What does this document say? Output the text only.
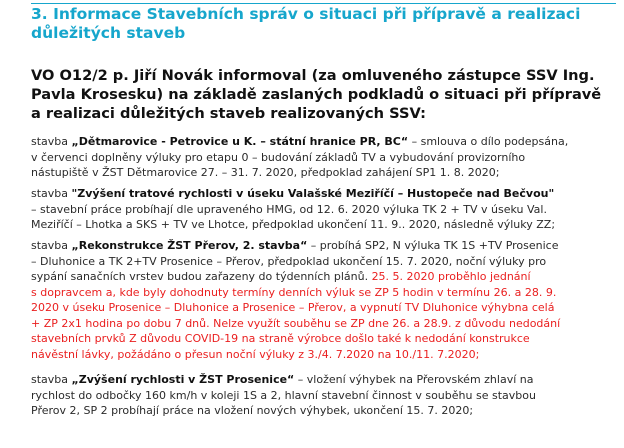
3. Informace Stavebních správ o situaci při přípravě a realizaci
důležitých staveb
VO O12/2 p. Jiří Novák informoval (za omluveného zástupce SSV Ing.
Pavla Krosesku) na základě zaslaných podkladů o situaci při přípravě
a realizaci důležitých staveb realizovaných SSV:
stavba „Dětmarovice - Petrovice u K. – státní hranice PR, BC“ – smlouva o dílo podepsána,
v červenci doplněny výluky pro etapu 0 – budování základů TV a vybudování provizorního
nástupiště v ŽST Dětmarovice 27. – 31. 7. 2020, předpoklad zahájení SP1 1. 8. 2020;
stavba "Zvýšení tratové rychlosti v úseku Valašské Meziříčí – Hustopeče nad Bečvou"
– stavební práce probíhají dle upraveného HMG, od 12. 6. 2020 výluka TK 2 + TV v úseku Val.
Meziříčí – Lhotka a SKS + TV ve Lhotce, předpoklad ukončení 11. 9.. 2020, následně výluky ZZ;
stavba „Rekonstrukce ŽST Přerov, 2. stavba“ – probíhá SP2, N výluka TK 1S +TV Prosenice
– Dluhonice a TK 2+TV Prosenice – Přerov, předpoklad ukončení 15. 7. 2020, noční výluky pro
sypání sanačních vrstev budou zařazeny do týdenních plánů. 25. 5. 2020 proběhlo jednání
s dopravcem a, kde byly dohodnuty termíny denních výluk se ZP 5 hodin v termínu 26. a 28. 9.
2020 v úseku Prosenice – Dluhonice a Prosenice – Přerov, a vypnutí TV Dluhonice výhybna celá
+ ZP 2x1 hodina po dobu 7 dnů. Nelze využít souběhu se ZP dne 26. a 28.9. z důvodu nedodání
stavebních prvků Z důvodu COVID-19 na straně výrobce došlo také k nedodání konstrukce
návěstní lávky, požádáno o přesun noční výluky z 3./4. 7.2020 na 10./11. 7.2020;
stavba „Zvýšení rychlosti v ŽST Prosenice“ – vložení výhybek na Přerovském zhlaví na
rychlost do odbočky 160 km/h v koleji 1S a 2, hlavní stavební činnost v souběhu se stavbou
Přerov 2, SP 2 probíhají práce na vložení nových výhybek, ukončení 15. 7. 2020;
